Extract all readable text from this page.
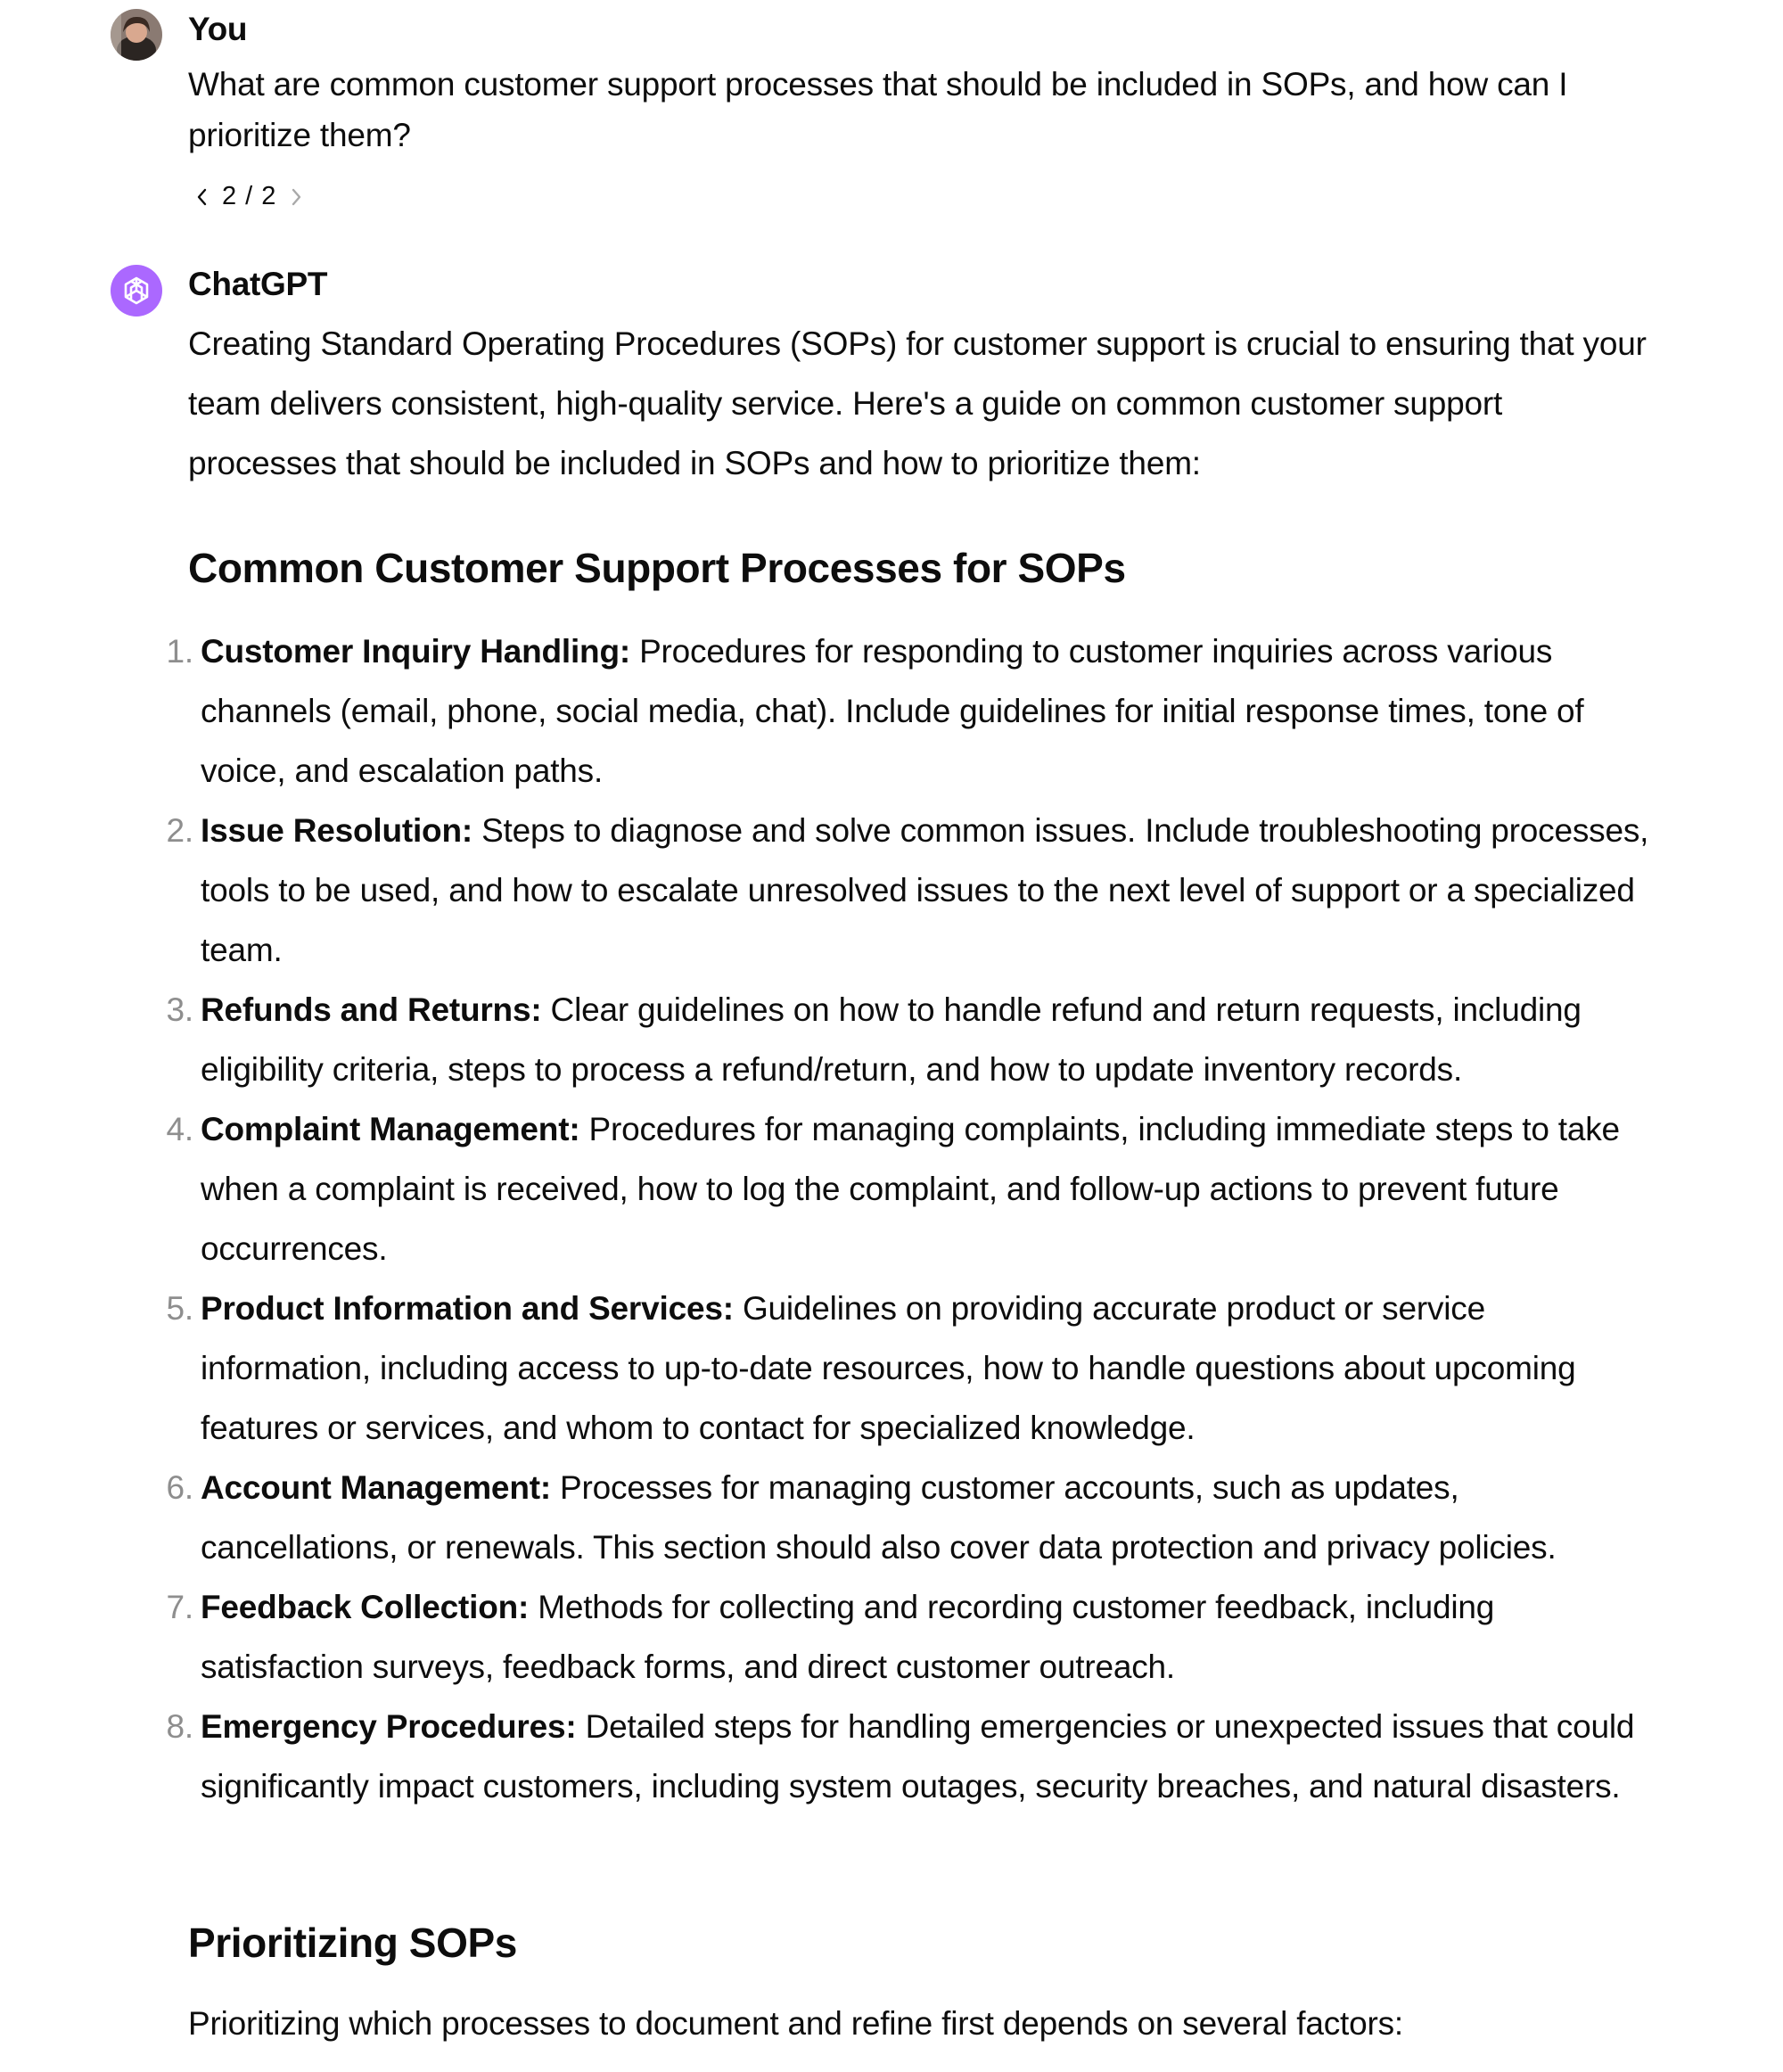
You
What are common customer support processes that should be included in SOPs, and how can I prioritize them?
2 / 2
ChatGPT
Creating Standard Operating Procedures (SOPs) for customer support is crucial to ensuring that your team delivers consistent, high-quality service. Here's a guide on common customer support processes that should be included in SOPs and how to prioritize them:
Common Customer Support Processes for SOPs
1. Customer Inquiry Handling: Procedures for responding to customer inquiries across various channels (email, phone, social media, chat). Include guidelines for initial response times, tone of voice, and escalation paths.
2. Issue Resolution: Steps to diagnose and solve common issues. Include troubleshooting processes, tools to be used, and how to escalate unresolved issues to the next level of support or a specialized team.
3. Refunds and Returns: Clear guidelines on how to handle refund and return requests, including eligibility criteria, steps to process a refund/return, and how to update inventory records.
4. Complaint Management: Procedures for managing complaints, including immediate steps to take when a complaint is received, how to log the complaint, and follow-up actions to prevent future occurrences.
5. Product Information and Services: Guidelines on providing accurate product or service information, including access to up-to-date resources, how to handle questions about upcoming features or services, and whom to contact for specialized knowledge.
6. Account Management: Processes for managing customer accounts, such as updates, cancellations, or renewals. This section should also cover data protection and privacy policies.
7. Feedback Collection: Methods for collecting and recording customer feedback, including satisfaction surveys, feedback forms, and direct customer outreach.
8. Emergency Procedures: Detailed steps for handling emergencies or unexpected issues that could significantly impact customers, including system outages, security breaches, and natural disasters.
Prioritizing SOPs
Prioritizing which processes to document and refine first depends on several factors:
